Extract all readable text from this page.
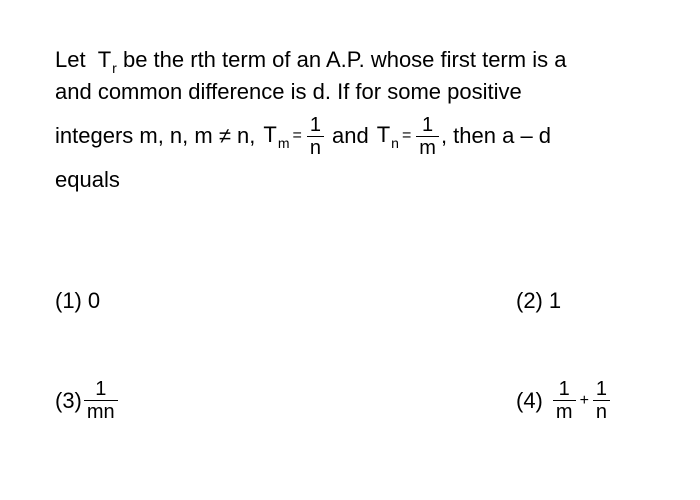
Let $T_r$ be the rth term of an A.P. whose first term is a
and common difference is d. If for some positive
integers m, n, m ≠ n, $T_m = \frac{1}{n}$ and $T_n = \frac{1}{m}$ , then a – d
equals
(1) 0	(2) 1
$(3) \frac{1}{mn}$	$(4) \frac{1}{m} + \frac{1}{n}$
